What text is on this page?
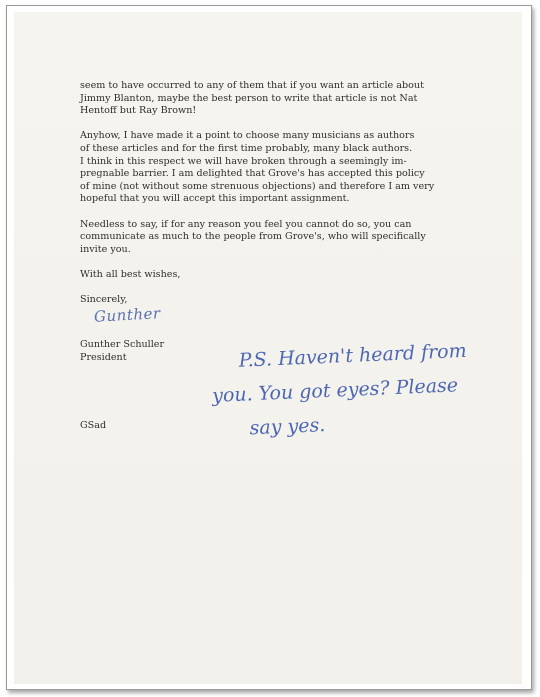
seem to have occurred to any of them that if you want an article about
Jimmy Blanton, maybe the best person to write that article is not Nat
Hentoff but Ray Brown!

Anyhow, I have made it a point to choose many musicians as authors
of these articles and for the first time probably, many black authors.
I think in this respect we will have broken through a seemingly im-
pregnable barrier. I am delighted that Grove's has accepted this policy
of mine (not without some strenuous objections) and therefore I am very
hopeful that you will accept this important assignment.

Needless to say, if for any reason you feel you cannot do so, you can
communicate as much to the people from Grove's, who will specifically
invite you.

With all best wishes,

Sincerely,

Gunther
Gunther Schuller
President
GSad
P.S. Haven't heard from
you. You got eyes? Please
say yes.
